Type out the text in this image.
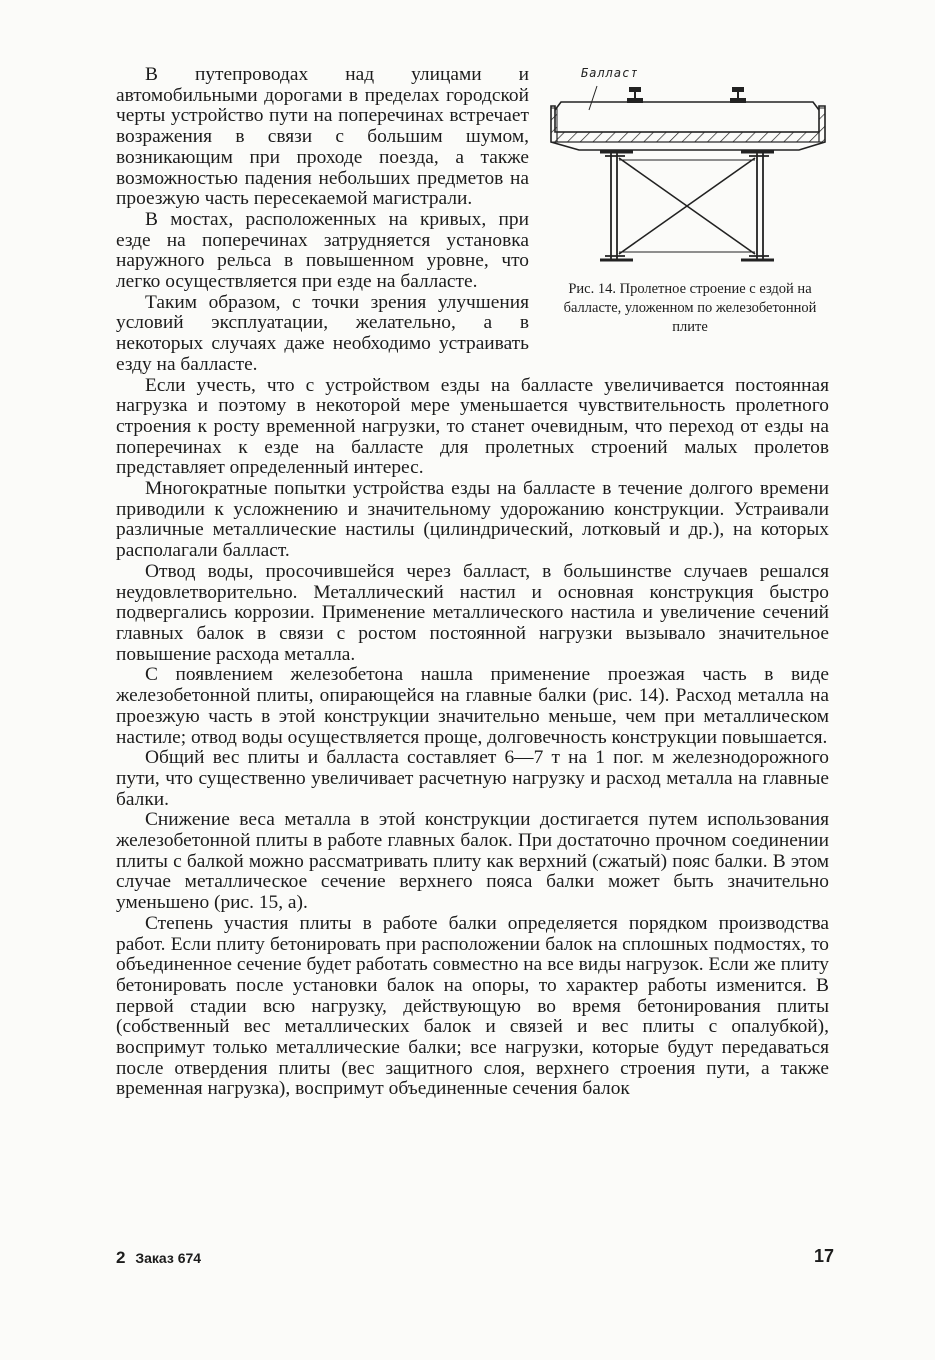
Балласт
Рис. 14. Пролетное строение с ездой на балласте, уложенном по железобетонной плите

В путепроводах над улицами и автомобильными дорогами в пределах городской черты устройство пути на поперечинах встречает возражения в связи с большим шумом, возникающим при проходе поезда, а также возможностью падения небольших предметов на проезжую часть пересекаемой магистрали.

В мостах, расположенных на кривых, при езде на поперечинах затрудняется установка наружного рельса в повышенном уровне, что легко осуществляется при езде на балласте.

Таким образом, с точки зрения улучшения условий эксплуатации, желательно, а в некоторых случаях даже необходимо устраивать езду на балласте.

Если учесть, что с устройством езды на балласте увеличивается постоянная нагрузка и поэтому в некоторой мере уменьшается чувствительность пролетного строения к росту временной нагрузки, то станет очевидным, что переход от езды на поперечинах к езде на балласте для пролетных строений малых пролетов представляет определенный интерес.

Многократные попытки устройства езды на балласте в течение долгого времени приводили к усложнению и значительному удорожанию конструкции. Устраивали различные металлические настилы (цилиндрический, лотковый и др.), на которых располагали балласт.

Отвод воды, просочившейся через балласт, в большинстве случаев решался неудовлетворительно. Металлический настил и основная конструкция быстро подвергались коррозии. Применение металлического настила и увеличение сечений главных балок в связи с ростом постоянной нагрузки вызывало значительное повышение расхода металла.

С появлением железобетона нашла применение проезжая часть в виде железобетонной плиты, опирающейся на главные балки (рис. 14). Расход металла на проезжую часть в этой конструкции значительно меньше, чем при металлическом настиле; отвод воды осуществляется проще, долговечность конструкции повышается.

Общий вес плиты и балласта составляет 6—7 т на 1 пог. м железнодорожного пути, что существенно увеличивает расчетную нагрузку и расход металла на главные балки.

Снижение веса металла в этой конструкции достигается путем использования железобетонной плиты в работе главных балок. При достаточно прочном соединении плиты с балкой можно рассматривать плиту как верхний (сжатый) пояс балки. В этом случае металлическое сечение верхнего пояса балки может быть значительно уменьшено (рис. 15, а).

Степень участия плиты в работе балки определяется порядком производства работ. Если плиту бетонировать при расположении балок на сплошных подмостях, то объединенное сечение будет работать совместно на все виды нагрузок. Если же плиту бетонировать после установки балок на опоры, то характер работы изменится. В первой стадии всю нагрузку, действующую во время бетонирования плиты (собственный вес металлических балок и связей и вес плиты с опалубкой), воспримут только металлические балки; все нагрузки, которые будут передаваться после отвердения плиты (вес защитного слоя, верхнего строения пути, а также временная нагрузка), воспримут объединенные сечения балок

2 Заказ 674	17
